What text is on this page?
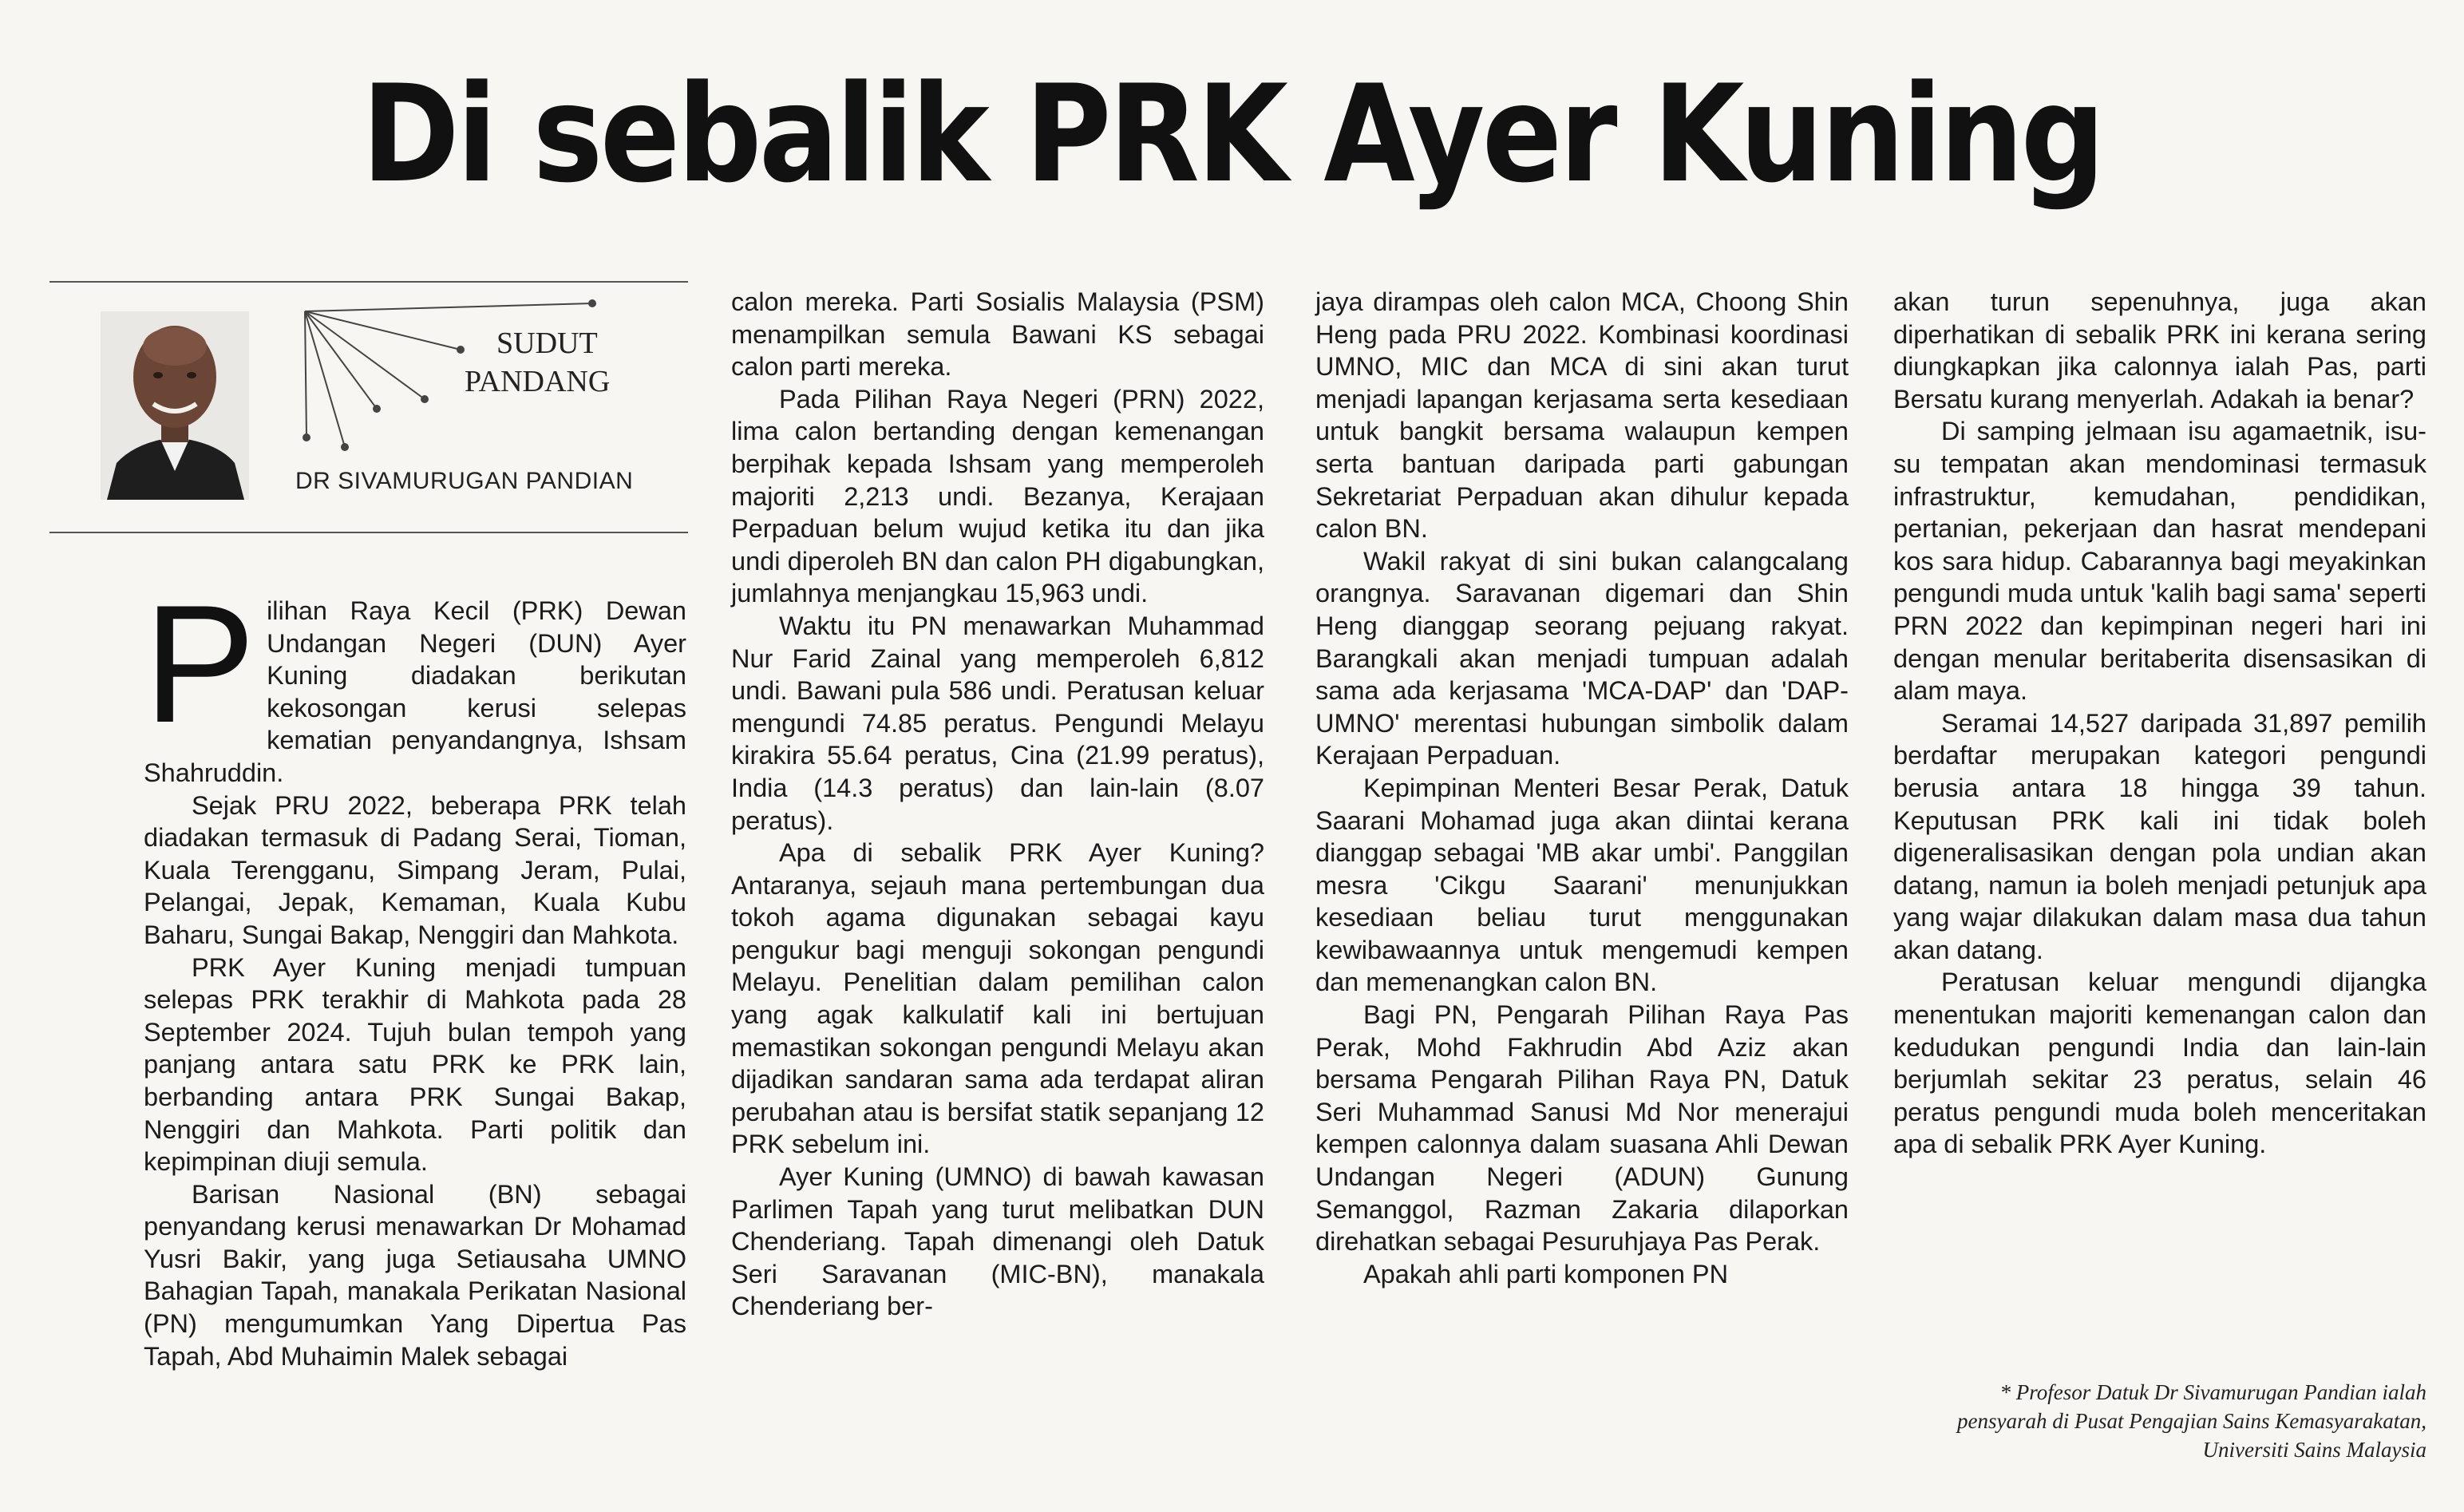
Di sebalik PRK Ayer Kuning
SUDUT
PANDANG
DR SIVAMURUGAN PANDIAN

Pilihan Raya Kecil (PRK) Dewan Undangan Negeri (DUN) Ayer Kuning diadakan berikutan kekosongan kerusi selepas kematian penyandangnya, Ishsam Shahruddin.

Sejak PRU 2022, beberapa PRK telah diadakan termasuk di Padang Serai, Tioman, Kuala Terengganu, Simpang Jeram, Pulai, Pelangai, Jepak, Kemaman, Kuala Kubu Baharu, Sungai Bakap, Nenggiri dan Mahkota.

PRK Ayer Kuning menjadi tumpuan selepas PRK terakhir di Mahkota pada 28 September 2024. Tujuh bulan tempoh yang panjang antara satu PRK ke PRK lain, berbanding antara PRK Sungai Bakap, Nenggiri dan Mahkota. Parti politik dan kepimpinan diuji semula.

Barisan Nasional (BN) sebagai penyandang kerusi menawarkan Dr Mohamad Yusri Bakir, yang juga Setiausaha UMNO Bahagian Tapah, manakala Perikatan Nasional (PN) mengumumkan Yang Dipertua Pas Tapah, Abd Muhaimin Malek sebagai

calon mereka. Parti Sosialis Malaysia (PSM) menampilkan semula Bawani KS sebagai calon parti mereka.

Pada Pilihan Raya Negeri (PRN) 2022, lima calon bertanding dengan kemenangan berpihak kepada Ishsam yang memperoleh majoriti 2,213 undi. Bezanya, Kerajaan Perpaduan belum wujud ketika itu dan jika undi diperoleh BN dan calon PH digabungkan, jumlahnya menjangkau 15,963 undi.

Waktu itu PN menawarkan Muhammad Nur Farid Zainal yang memperoleh 6,812 undi. Bawani pula 586 undi. Peratusan keluar mengundi 74.85 peratus. Pengundi Melayu kirakira 55.64 peratus, Cina (21.99 peratus), India (14.3 peratus) dan lain-lain (8.07 peratus).

Apa di sebalik PRK Ayer Kuning? Antaranya, sejauh mana pertembungan dua tokoh agama digunakan sebagai kayu pengukur bagi menguji sokongan pengundi Melayu. Penelitian dalam pemilihan calon yang agak kalkulatif kali ini bertujuan memastikan sokongan pengundi Melayu akan dijadikan sandaran sama ada terdapat aliran perubahan atau is bersifat statik sepanjang 12 PRK sebelum ini.

Ayer Kuning (UMNO) di bawah kawasan Parlimen Tapah yang turut melibatkan DUN Chenderiang. Tapah dimenangi oleh Datuk Seri Saravanan (MIC-BN), manakala Chenderiang ber-

jaya dirampas oleh calon MCA, Choong Shin Heng pada PRU 2022. Kombinasi koordinasi UMNO, MIC dan MCA di sini akan turut menjadi lapangan kerjasama serta kesediaan untuk bangkit bersama walaupun kempen serta bantuan daripada parti gabungan Sekretariat Perpaduan akan dihulur kepada calon BN.

Wakil rakyat di sini bukan calangcalang orangnya. Saravanan digemari dan Shin Heng dianggap seorang pejuang rakyat. Barangkali akan menjadi tumpuan adalah sama ada kerjasama 'MCA-DAP' dan 'DAP-UMNO' merentasi hubungan simbolik dalam Kerajaan Perpaduan.

Kepimpinan Menteri Besar Perak, Datuk Saarani Mohamad juga akan diintai kerana dianggap sebagai 'MB akar umbi'. Panggilan mesra 'Cikgu Saarani' menunjukkan kesediaan beliau turut menggunakan kewibawaannya untuk mengemudi kempen dan memenangkan calon BN.

Bagi PN, Pengarah Pilihan Raya Pas Perak, Mohd Fakhrudin Abd Aziz akan bersama Pengarah Pilihan Raya PN, Datuk Seri Muhammad Sanusi Md Nor menerajui kempen calonnya dalam suasana Ahli Dewan Undangan Negeri (ADUN) Gunung Semanggol, Razman Zakaria dilaporkan direhatkan sebagai Pesuruhjaya Pas Perak.

Apakah ahli parti komponen PN

akan turun sepenuhnya, juga akan diperhatikan di sebalik PRK ini kerana sering diungkapkan jika calonnya ialah Pas, parti Bersatu kurang menyerlah. Adakah ia benar?

Di samping jelmaan isu agamaetnik, isu-su tempatan akan mendominasi termasuk infrastruktur, kemudahan, pendidikan, pertanian, pekerjaan dan hasrat mendepani kos sara hidup. Cabarannya bagi meyakinkan pengundi muda untuk 'kalih bagi sama' seperti PRN 2022 dan kepimpinan negeri hari ini dengan menular beritaberita disensasikan di alam maya.

Seramai 14,527 daripada 31,897 pemilih berdaftar merupakan kategori pengundi berusia antara 18 hingga 39 tahun. Keputusan PRK kali ini tidak boleh digeneralisasikan dengan pola undian akan datang, namun ia boleh menjadi petunjuk apa yang wajar dilakukan dalam masa dua tahun akan datang.

Peratusan keluar mengundi dijangka menentukan majoriti kemenangan calon dan kedudukan pengundi India dan lain-lain berjumlah sekitar 23 peratus, selain 46 peratus pengundi muda boleh menceritakan apa di sebalik PRK Ayer Kuning.

* Profesor Datuk Dr Sivamurugan Pandian ialah pensyarah di Pusat Pengajian Sains Kemasyarakatan, Universiti Sains Malaysia
